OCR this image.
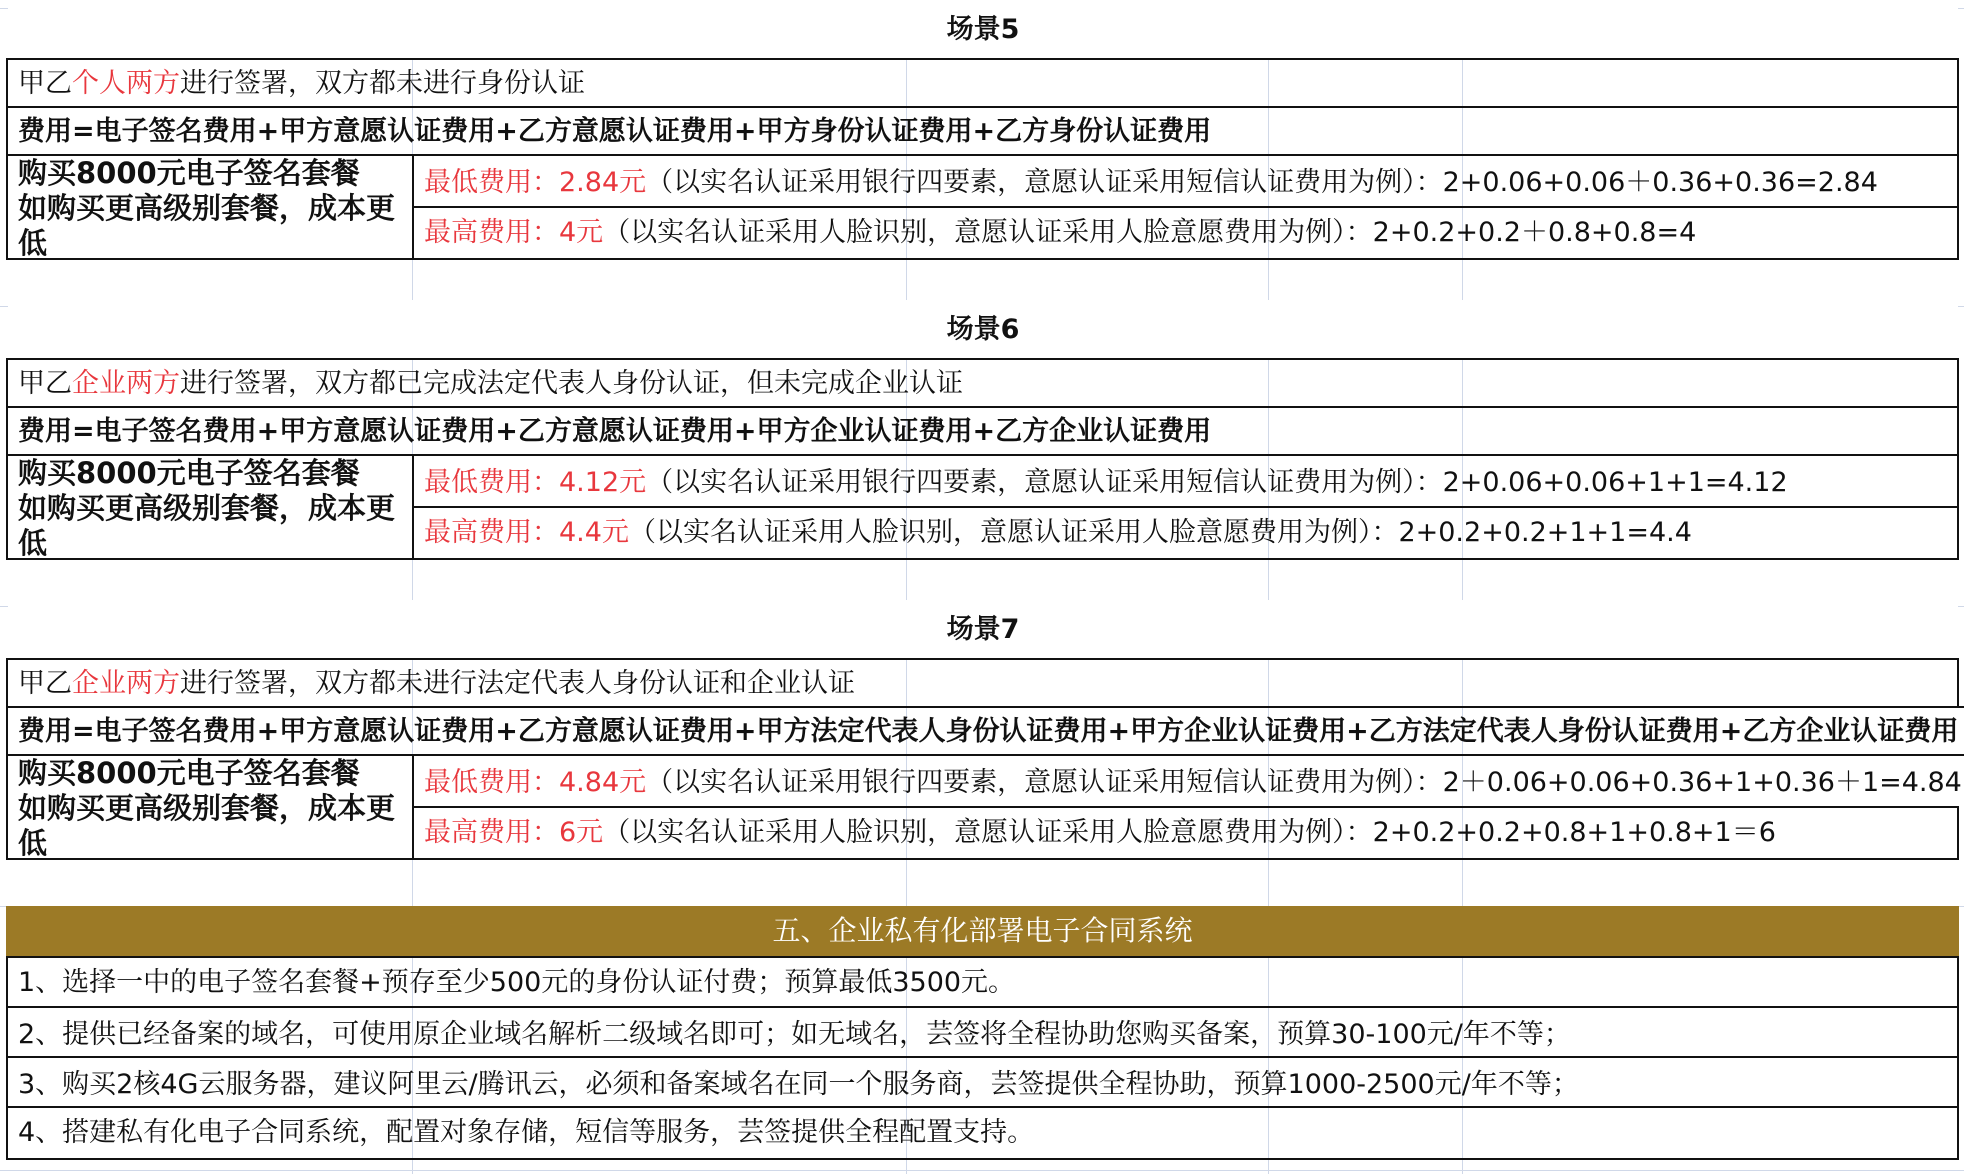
场景5
甲乙个人两方进行签署，双方都未进行身份认证
费用=电子签名费用+甲方意愿认证费用+乙方意愿认证费用+甲方身份认证费用+乙方身份认证费用
购买8000元电子签名套餐
如购买更高级别套餐，成本更低
最低费用：2.84元（以实名认证采用银行四要素，意愿认证采用短信认证费用为例）：2+0.06+0.06＋0.36+0.36=2.84
最高费用：4元（以实名认证采用人脸识别，意愿认证采用人脸意愿费用为例）：2+0.2+0.2＋0.8+0.8=4
场景6
甲乙企业两方进行签署，双方都已完成法定代表人身份认证，但未完成企业认证
费用=电子签名费用+甲方意愿认证费用+乙方意愿认证费用+甲方企业认证费用+乙方企业认证费用
购买8000元电子签名套餐
如购买更高级别套餐，成本更低
最低费用：4.12元（以实名认证采用银行四要素，意愿认证采用短信认证费用为例）：2+0.06+0.06+1+1=4.12
最高费用：4.4元（以实名认证采用人脸识别，意愿认证采用人脸意愿费用为例）：2+0.2+0.2+1+1=4.4
场景7
甲乙企业两方进行签署，双方都未进行法定代表人身份认证和企业认证
费用=电子签名费用+甲方意愿认证费用+乙方意愿认证费用+甲方法定代表人身份认证费用+甲方企业认证费用+乙方法定代表人身份认证费用+乙方企业认证费用
购买8000元电子签名套餐
如购买更高级别套餐，成本更低
最低费用：4.84元（以实名认证采用银行四要素，意愿认证采用短信认证费用为例）：2＋0.06+0.06+0.36+1+0.36＋1=4.84
最高费用：6元（以实名认证采用人脸识别，意愿认证采用人脸意愿费用为例）：2+0.2+0.2+0.8+1+0.8+1＝6
五、企业私有化部署电子合同系统
1、选择一中的电子签名套餐+预存至少500元的身份认证付费；预算最低3500元。
2、提供已经备案的域名，可使用原企业域名解析二级域名即可；如无域名，芸签将全程协助您购买备案，预算30-100元/年不等；
3、购买2核4G云服务器，建议阿里云/腾讯云，必须和备案域名在同一个服务商，芸签提供全程协助，预算1000-2500元/年不等；
4、搭建私有化电子合同系统，配置对象存储，短信等服务，芸签提供全程配置支持。
